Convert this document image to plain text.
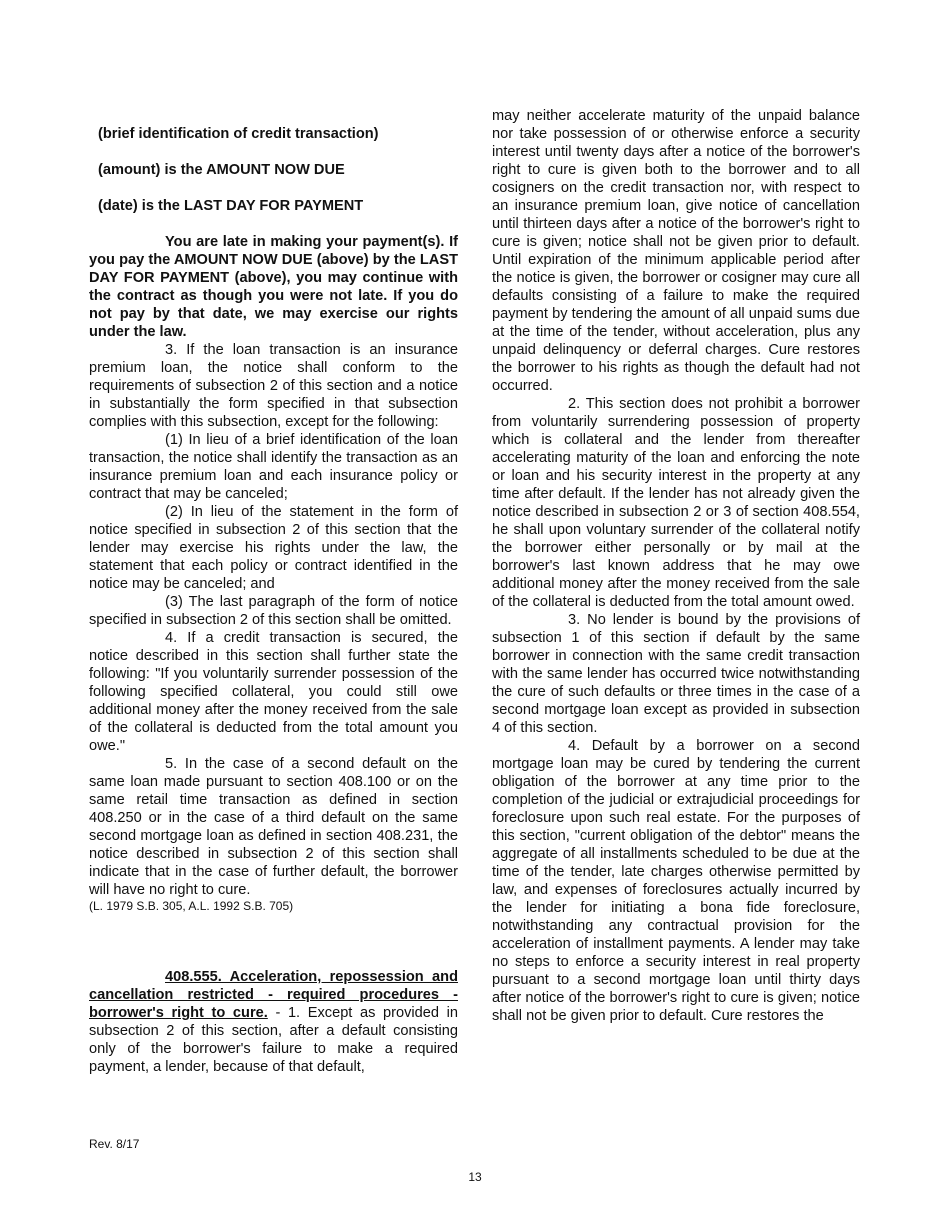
(brief identification of credit transaction)

(amount) is the AMOUNT NOW DUE

(date) is the LAST DAY FOR PAYMENT

You are late in making your payment(s). If you pay the AMOUNT NOW DUE (above) by the LAST DAY FOR PAYMENT (above), you may continue with the contract as though you were not late. If you do not pay by that date, we may exercise our rights under the law.

3. If the loan transaction is an insurance premium loan, the notice shall conform to the requirements of subsection 2 of this section and a notice in substantially the form specified in that subsection complies with this subsection, except for the following:

(1) In lieu of a brief identification of the loan transaction, the notice shall identify the transaction as an insurance premium loan and each insurance policy or contract that may be canceled;

(2) In lieu of the statement in the form of notice specified in subsection 2 of this section that the lender may exercise his rights under the law, the statement that each policy or contract identified in the notice may be canceled; and

(3) The last paragraph of the form of notice specified in subsection 2 of this section shall be omitted.

4. If a credit transaction is secured, the notice described in this section shall further state the following: "If you voluntarily surrender possession of the following specified collateral, you could still owe additional money after the money received from the sale of the collateral is deducted from the total amount you owe."

5. In the case of a second default on the same loan made pursuant to section 408.100 or on the same retail time transaction as defined in section 408.250 or in the case of a third default on the same second mortgage loan as defined in section 408.231, the notice described in subsection 2 of this section shall indicate that in the case of further default, the borrower will have no right to cure.

(L. 1979 S.B. 305, A.L. 1992 S.B. 705)

408.555. Acceleration, repossession and cancellation restricted - required procedures - borrower's right to cure. - 1. Except as provided in subsection 2 of this section, after a default consisting only of the borrower's failure to make a required payment, a lender, because of that default,

may neither accelerate maturity of the unpaid balance nor take possession of or otherwise enforce a security interest until twenty days after a notice of the borrower's right to cure is given both to the borrower and to all cosigners on the credit transaction nor, with respect to an insurance premium loan, give notice of cancellation until thirteen days after a notice of the borrower's right to cure is given; notice shall not be given prior to default. Until expiration of the minimum applicable period after the notice is given, the borrower or cosigner may cure all defaults consisting of a failure to make the required payment by tendering the amount of all unpaid sums due at the time of the tender, without acceleration, plus any unpaid delinquency or deferral charges. Cure restores the borrower to his rights as though the default had not occurred.

2. This section does not prohibit a borrower from voluntarily surrendering possession of property which is collateral and the lender from thereafter accelerating maturity of the loan and enforcing the note or loan and his security interest in the property at any time after default. If the lender has not already given the notice described in subsection 2 or 3 of section 408.554, he shall upon voluntary surrender of the collateral notify the borrower either personally or by mail at the borrower's last known address that he may owe additional money after the money received from the sale of the collateral is deducted from the total amount owed.

3. No lender is bound by the provisions of subsection 1 of this section if default by the same borrower in connection with the same credit transaction with the same lender has occurred twice notwithstanding the cure of such defaults or three times in the case of a second mortgage loan except as provided in subsection 4 of this section.

4. Default by a borrower on a second mortgage loan may be cured by tendering the current obligation of the borrower at any time prior to the completion of the judicial or extrajudicial proceedings for foreclosure upon such real estate. For the purposes of this section, "current obligation of the debtor" means the aggregate of all installments scheduled to be due at the time of the tender, late charges otherwise permitted by law, and expenses of foreclosures actually incurred by the lender for initiating a bona fide foreclosure, notwithstanding any contractual provision for the acceleration of installment payments. A lender may take no steps to enforce a security interest in real property pursuant to a second mortgage loan until thirty days after notice of the borrower's right to cure is given; notice shall not be given prior to default. Cure restores the

Rev. 8/17
13
